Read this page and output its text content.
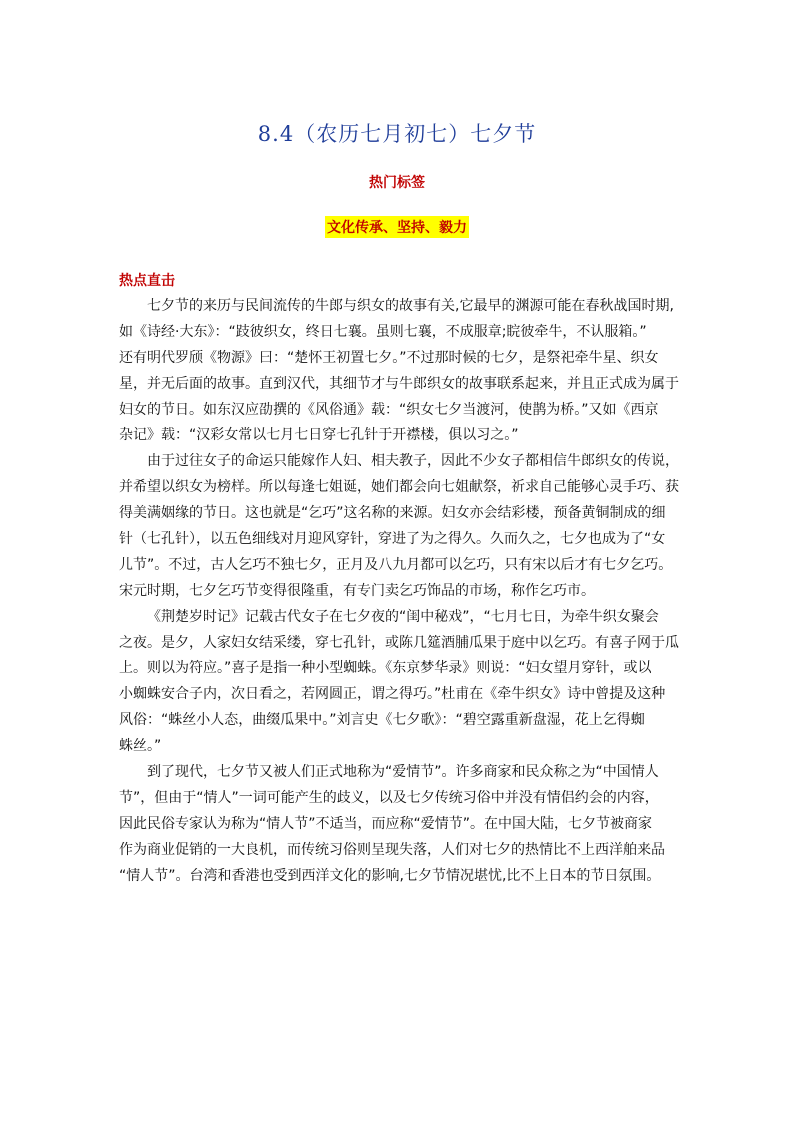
8.4（农历七月初七）七夕节
热门标签
文化传承、坚持、毅力
热点直击
七夕节的来历与民间流传的牛郎与织女的故事有关,它最早的渊源可能在春秋战国时期,
如《诗经·大东》：“跂彼织女，终日七襄。虽则七襄，不成服章;睆彼牵牛，不认服箱。”
还有明代罗颀《物源》曰：“楚怀王初置七夕。”不过那时候的七夕，是祭祀牵牛星、织女
星，并无后面的故事。直到汉代，其细节才与牛郎织女的故事联系起来，并且正式成为属于
妇女的节日。如东汉应劭撰的《风俗通》载：“织女七夕当渡河，使鹊为桥。”又如《西京
杂记》载：“汉彩女常以七月七日穿七孔针于开襟楼，俱以习之。”
由于过往女子的命运只能嫁作人妇、相夫教子，因此不少女子都相信牛郎织女的传说，
并希望以织女为榜样。所以每逢七姐诞，她们都会向七姐献祭，祈求自己能够心灵手巧、获
得美满姻缘的节日。这也就是“乞巧”这名称的来源。妇女亦会结彩楼，预备黄铜制成的细
针（七孔针），以五色细线对月迎风穿针，穿进了为之得久。久而久之，七夕也成为了“女
儿节”。不过，古人乞巧不独七夕，正月及八九月都可以乞巧，只有宋以后才有七夕乞巧。
宋元时期，七夕乞巧节变得很隆重，有专门卖乞巧饰品的市场，称作乞巧市。
《荆楚岁时记》记载古代女子在七夕夜的“闺中秘戏”，“七月七日，为牵牛织女聚会
之夜。是夕，人家妇女结采缕，穿七孔针，或陈几筵酒脯瓜果于庭中以乞巧。有喜子网于瓜
上。则以为符应。”喜子是指一种小型蜘蛛。《东京梦华录》则说：“妇女望月穿针，或以
小蜘蛛安合子内，次日看之，若网圆正，谓之得巧。”杜甫在《牵牛织女》诗中曾提及这种
风俗：“蛛丝小人态，曲缀瓜果中。”刘言史《七夕歌》：“碧空露重新盘湿，花上乞得蜘
蛛丝。”
到了现代，七夕节又被人们正式地称为“爱情节”。许多商家和民众称之为“中国情人
节”，但由于“情人”一词可能产生的歧义，以及七夕传统习俗中并没有情侣约会的内容，
因此民俗专家认为称为“情人节”不适当，而应称“爱情节”。在中国大陆，七夕节被商家
作为商业促销的一大良机，而传统习俗则呈现失落，人们对七夕的热情比不上西洋舶来品
“情人节”。台湾和香港也受到西洋文化的影响,七夕节情况堪忧,比不上日本的节日氛围。
